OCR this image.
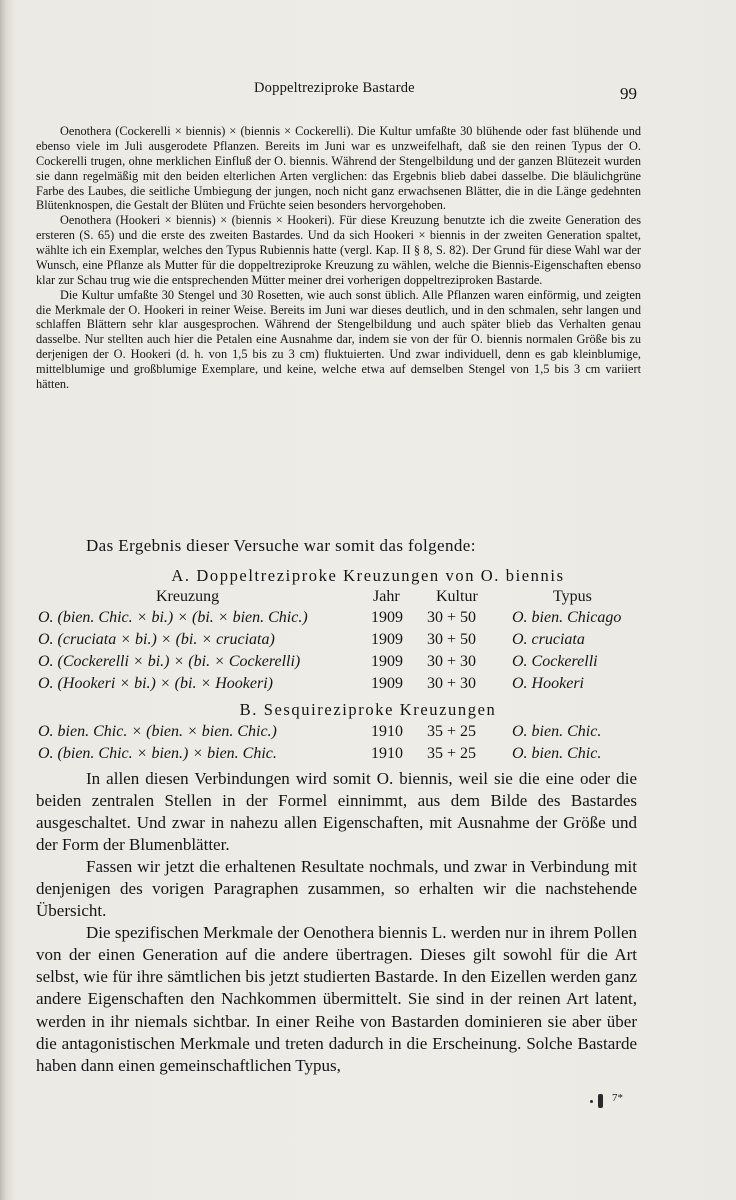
Doppeltreziproke Bastarde	99

Oenothera (Cockerelli × biennis) × (biennis × Cockerelli). Die Kultur umfaßte 30 blühende oder fast blühende und ebenso viele im Juli ausgerodete Pflanzen. Bereits im Juni war es unzweifelhaft, daß sie den reinen Typus der O. Cockerelli trugen, ohne merklichen Einfluß der O. biennis. Während der Stengelbildung und der ganzen Blütezeit wurden sie dann regelmäßig mit den beiden elterlichen Arten verglichen: das Ergebnis blieb dabei dasselbe. Die bläulichgrüne Farbe des Laubes, die seitliche Umbiegung der jungen, noch nicht ganz erwachsenen Blätter, die in die Länge gedehnten Blütenknospen, die Gestalt der Blüten und Früchte seien besonders hervorgehoben.

Oenothera (Hookeri × biennis) × (biennis × Hookeri). Für diese Kreuzung benutzte ich die zweite Generation des ersteren (S. 65) und die erste des zweiten Bastardes. Und da sich Hookeri × biennis in der zweiten Generation spaltet, wählte ich ein Exemplar, welches den Typus Rubiennis hatte (vergl. Kap. II § 8, S. 82). Der Grund für diese Wahl war der Wunsch, eine Pflanze als Mutter für die doppeltreziproke Kreuzung zu wählen, welche die Biennis-Eigenschaften ebenso klar zur Schau trug wie die entsprechenden Mütter meiner drei vorherigen doppeltreziproken Bastarde.

Die Kultur umfaßte 30 Stengel und 30 Rosetten, wie auch sonst üblich. Alle Pflanzen waren einförmig, und zeigten die Merkmale der O. Hookeri in reiner Weise. Bereits im Juni war dieses deutlich, und in den schmalen, sehr langen und schlaffen Blättern sehr klar ausgesprochen. Während der Stengelbildung und auch später blieb das Verhalten genau dasselbe. Nur stellten auch hier die Petalen eine Ausnahme dar, indem sie von der für O. biennis normalen Größe bis zu derjenigen der O. Hookeri (d. h. von 1,5 bis zu 3 cm) fluktuierten. Und zwar individuell, denn es gab kleinblumige, mittelblumige und großblumige Exemplare, und keine, welche etwa auf demselben Stengel von 1,5 bis 3 cm variiert hätten.

Das Ergebnis dieser Versuche war somit das folgende:
A. Doppeltreziproke Kreuzungen von O. biennis
Kreuzung	Jahr Kultur	Typus
O. (bien. Chic. × bi.) × (bi. × bien. Chic.)	1909 30 + 50 O. bien. Chicago
O. (cruciata × bi.) × (bi. × cruciata)	1909 30 + 50 O. cruciata
O. (Cockerelli × bi.) × (bi. × Cockerelli)	1909 30 + 30 O. Cockerelli
O. (Hookeri × bi.) × (bi. × Hookeri)	1909 30 + 30 O. Hookeri
B. Sesquireziproke Kreuzungen
O. bien. Chic. × (bien. × bien. Chic.)	1910 35 + 25 O. bien. Chic.
O. (bien. Chic. × bien.) × bien. Chic.	1910 35 + 25 O. bien. Chic.

In allen diesen Verbindungen wird somit O. biennis, weil sie die eine oder die beiden zentralen Stellen in der Formel einnimmt, aus dem Bilde des Bastardes ausgeschaltet. Und zwar in nahezu allen Eigenschaften, mit Ausnahme der Größe und der Form der Blumenblätter.

Fassen wir jetzt die erhaltenen Resultate nochmals, und zwar in Verbindung mit denjenigen des vorigen Paragraphen zusammen, so erhalten wir die nachstehende Übersicht.

Die spezifischen Merkmale der Oenothera biennis L. werden nur in ihrem Pollen von der einen Generation auf die andere übertragen. Dieses gilt sowohl für die Art selbst, wie für ihre sämtlichen bis jetzt studierten Bastarde. In den Eizellen werden ganz andere Eigenschaften den Nachkommen übermittelt. Sie sind in der reinen Art latent, werden in ihr niemals sichtbar. In einer Reihe von Bastarden dominieren sie aber über die antagonistischen Merkmale und treten dadurch in die Erscheinung. Solche Bastarde haben dann einen gemeinschaftlichen Typus,

7*
